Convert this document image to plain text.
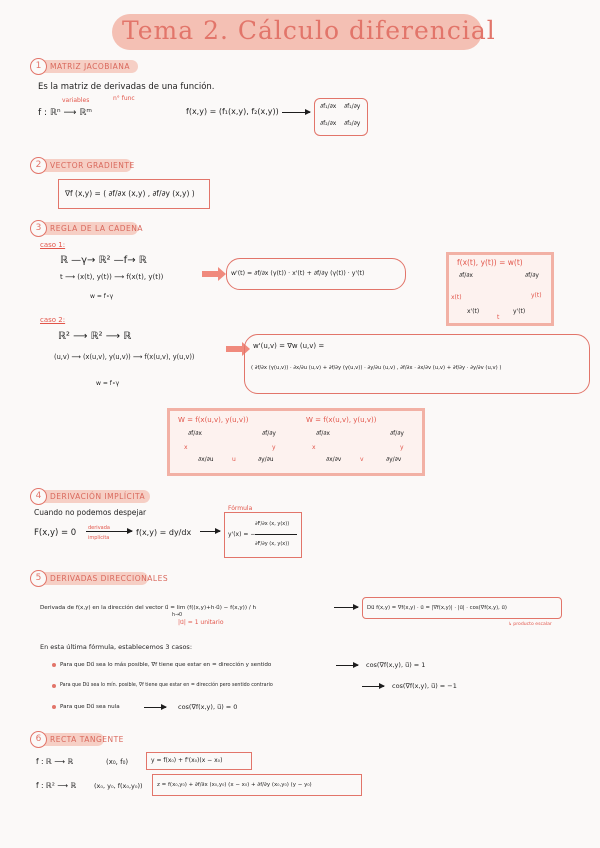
Tema 2. Cálculo diferencial
1	MATRIZ JACOBIANA
Es la matriz de derivadas de una función.
f : ℝⁿ ⟶ ℝᵐ
variables	n° func
f(x,y) = (f₁(x,y), f₂(x,y))
∂f₁/∂x ∂f₁/∂y
∂f₂/∂x ∂f₂/∂y
2	VECTOR GRADIENTE
∇f (x,y) = ( ∂f/∂x (x,y) , ∂f/∂y (x,y) )
3	REGLA DE LA CADENA
caso 1:
ℝ —γ→ ℝ² —f→ ℝ
t ⟶ (x(t), y(t)) ⟶ f(x(t), y(t))
w = f∘γ
w'(t) = ∂f/∂x (γ(t)) · x'(t) + ∂f/∂y (γ(t)) · y'(t)
f(x(t), y(t)) = w(t)
∂f/∂x	∂f/∂y
x(t)	y(t)
x'(t)	y'(t)
t
caso 2:
ℝ² ⟶ ℝ² ⟶ ℝ
(u,v) ⟶ (x(u,v), y(u,v)) ⟶ f(x(u,v), y(u,v))
w = f∘γ
w'(u,v) = ∇w (u,v) =
( ∂f/∂x (γ(u,v)) · ∂x/∂u (u,v) + ∂f/∂y (γ(u,v)) · ∂y/∂u (u,v) , ∂f/∂x · ∂x/∂v (u,v) + ∂f/∂y · ∂y/∂v (u,v) )
W = f(x(u,v), y(u,v))
∂f/∂x	∂f/∂y
x	y
∂x/∂u	u	∂y/∂u
W = f(x(u,v), y(u,v))
∂f/∂x	∂f/∂y
x	y
∂x/∂v	v	∂y/∂v
4	DERIVACIÓN IMPLÍCITA
Cuando no podemos despejar
F(x,y) = 0 derivada
implícita
f(x,y) = dy/dx
Fórmula
y'(x) = −
∂F/∂x (x, y(x))
∂F/∂y (x, y(x))
5	DERIVADAS DIRECCIONALES
Derivada de f(x,y) en la dirección del vector u⃗ = lim (f((x,y)+h·u⃗) − f(x,y)) / h
h→0
|u⃗| = 1 unitario
Du⃗ f(x,y) = ∇f(x,y) · u⃗ = |∇f(x,y)| · |u⃗| · cos(∇f(x,y), u⃗)
↳ producto escalar
En esta última fórmula, establecemos 3 casos:
Para que Du⃗ sea lo más posible, ∇f tiene que estar en = dirección y sentido	cos(∇f(x,y), u⃗) = 1
Para que Du⃗ sea lo mín. posible, ∇f tiene que estar en = dirección pero sentido contrario	cos(∇f(x,y), u⃗) = −1
Para que Du⃗ sea nula	cos(∇f(x,y), u⃗) = 0
6	RECTA TANGENTE
f : ℝ ⟶ ℝ	(x₀, f₀)	y = f(x₀) + f'(x₀)(x − x₀)
f : ℝ² ⟶ ℝ	(x₀, y₀, f(x₀,y₀))	z = f(x₀,y₀) + ∂f/∂x (x₀,y₀) (x − x₀) + ∂f/∂y (x₀,y₀) (y − y₀)
